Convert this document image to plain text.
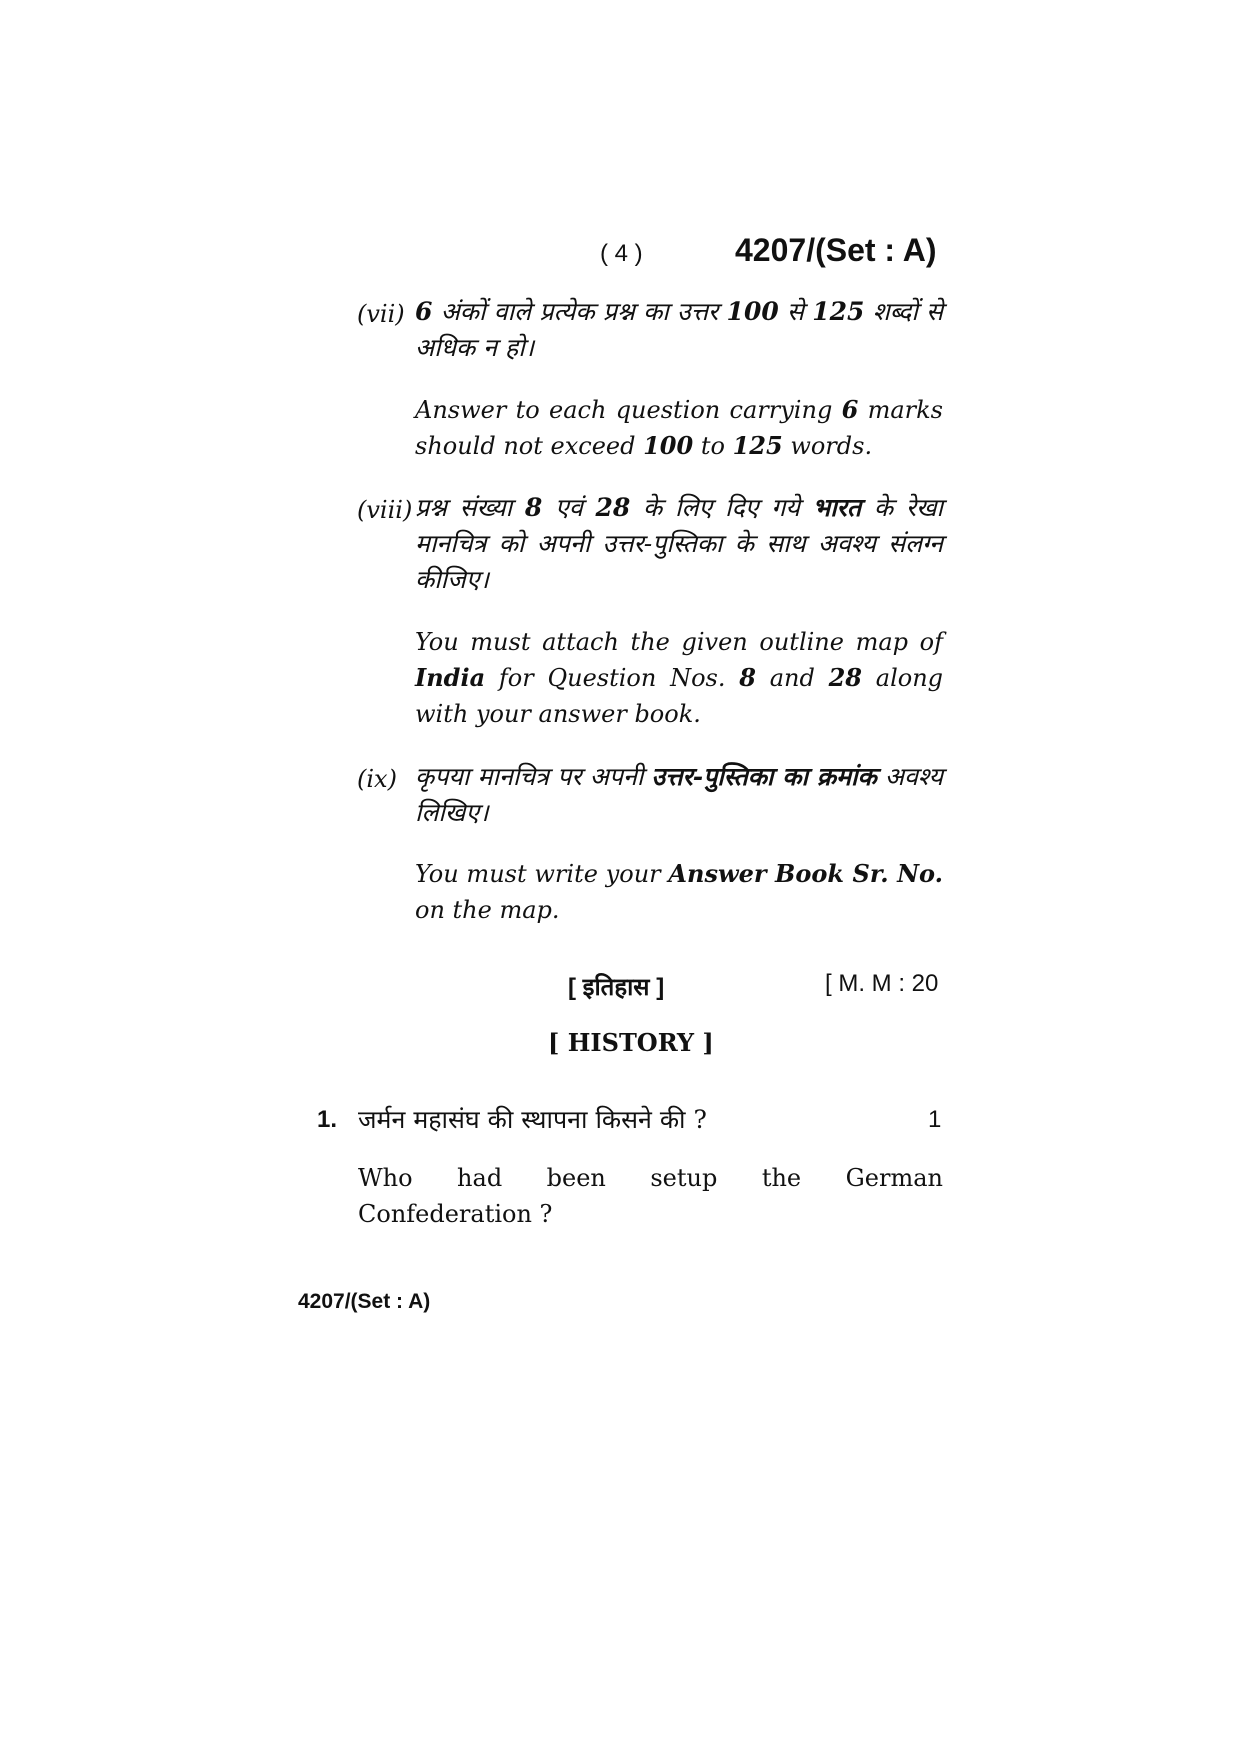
( 4 )	4207/(Set : A)
(vii) 6 अंकों वाले प्रत्येक प्रश्न का उत्तर 100 से 125 शब्दों से अधिक न हो।
Answer to each question carrying 6 marks should not exceed 100 to 125 words.
(viii) प्रश्न संख्या 8 एवं 28 के लिए दिए गये भारत के रेखा मानचित्र को अपनी उत्तर-पुस्तिका के साथ अवश्य संलग्न कीजिए।
You must attach the given outline map of India for Question Nos. 8 and 28 along with your answer book.
(ix) कृपया मानचित्र पर अपनी उत्तर-पुस्तिका का क्रमांक अवश्य लिखिए।
You must write your Answer Book Sr. No. on the map.
[ इतिहास ]	[ M. M : 20
[ HISTORY ]
1. जर्मन महासंघ की स्थापना किसने की ?	1
Who had been setup the German
Confederation ?
4207/(Set : A)
